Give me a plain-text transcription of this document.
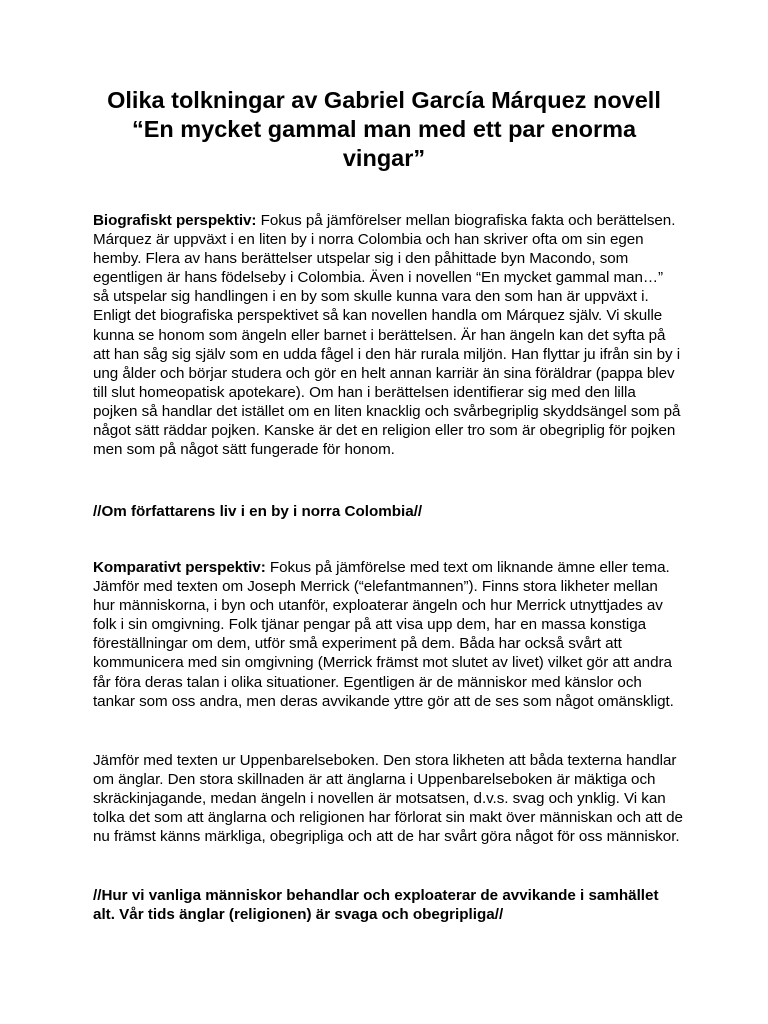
Olika tolkningar av Gabriel García Márquez novell “En mycket gammal man med ett par enorma vingar”

Biografiskt perspektiv: Fokus på jämförelser mellan biografiska fakta och berättelsen. Márquez är uppväxt i en liten by i norra Colombia och han skriver ofta om sin egen hemby. Flera av hans berättelser utspelar sig i den påhittade byn Macondo, som egentligen är hans födelseby i Colombia. Även i novellen “En mycket gammal man…” så utspelar sig handlingen i en by som skulle kunna vara den som han är uppväxt i. Enligt det biografiska perspektivet så kan novellen handla om Márquez själv. Vi skulle kunna se honom som ängeln eller barnet i berättelsen. Är han ängeln kan det syfta på att han såg sig själv som en udda fågel i den här rurala miljön. Han flyttar ju ifrån sin by i ung ålder och börjar studera och gör en helt annan karriär än sina föräldrar (pappa blev till slut homeopatisk apotekare). Om han i berättelsen identifierar sig med den lilla pojken så handlar det istället om en liten knacklig och svårbegriplig skyddsängel som på något sätt räddar pojken. Kanske är det en religion eller tro som är obegriplig för pojken men som på något sätt fungerade för honom.

//Om författarens liv i en by i norra Colombia//

Komparativt perspektiv: Fokus på jämförelse med text om liknande ämne eller tema. Jämför med texten om Joseph Merrick (“elefantmannen”). Finns stora likheter mellan hur människorna, i byn och utanför, exploaterar ängeln och hur Merrick utnyttjades av folk i sin omgivning. Folk tjänar pengar på att visa upp dem, har en massa konstiga föreställningar om dem, utför små experiment på dem. Båda har också svårt att kommunicera med sin omgivning (Merrick främst mot slutet av livet) vilket gör att andra får föra deras talan i olika situationer. Egentligen är de människor med känslor och tankar som oss andra, men deras avvikande yttre gör att de ses som något omänskligt.

Jämför med texten ur Uppenbarelseboken. Den stora likheten att båda texterna handlar om änglar. Den stora skillnaden är att änglarna i Uppenbarelseboken är mäktiga och skräckinjagande, medan ängeln i novellen är motsatsen, d.v.s. svag och ynklig. Vi kan tolka det som att änglarna och religionen har förlorat sin makt över människan och att de nu främst känns märkliga, obegripliga och att de har svårt göra något för oss människor.

//Hur vi vanliga människor behandlar och exploaterar de avvikande i samhället alt. Vår tids änglar (religionen) är svaga och obegripliga//
